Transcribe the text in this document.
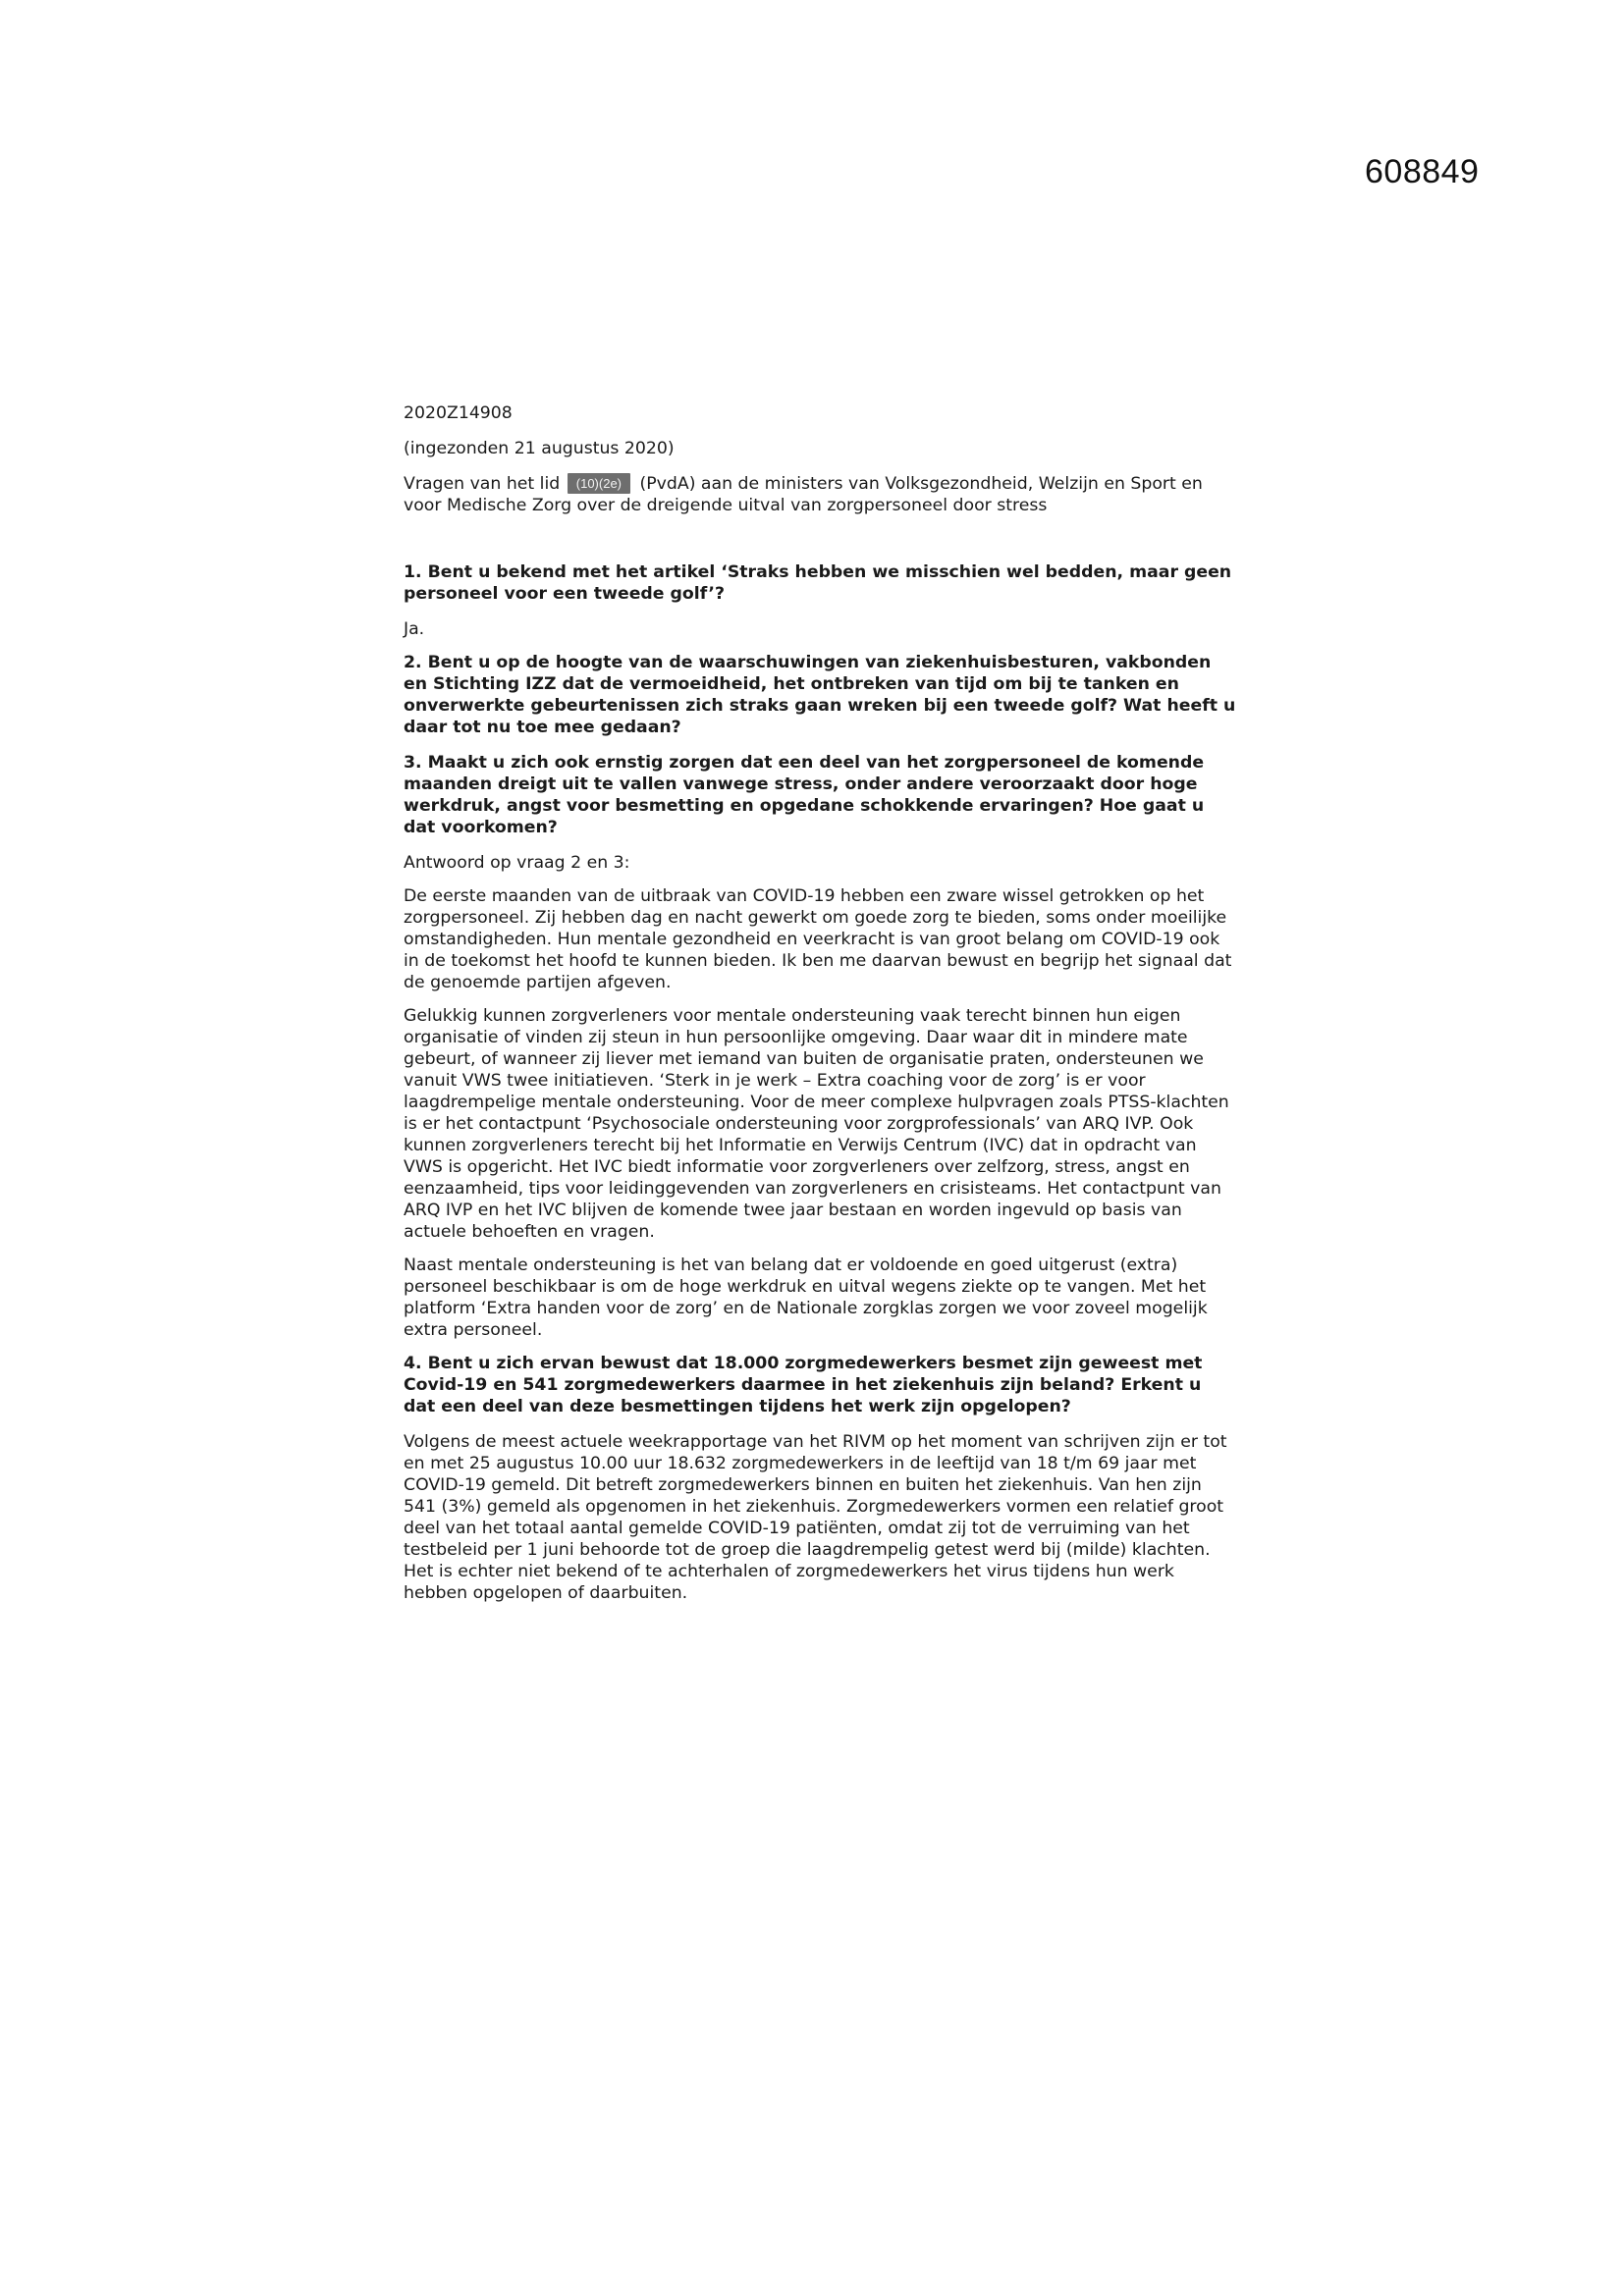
608849

2020Z14908

(ingezonden 21 augustus 2020)

Vragen van het lid (10)(2e) (PvdA) aan de ministers van Volksgezondheid, Welzijn en Sport en voor Medische Zorg over de dreigende uitval van zorgpersoneel door stress

1. Bent u bekend met het artikel ‘Straks hebben we misschien wel bedden, maar geen personeel voor een tweede golf’?

Ja.

2. Bent u op de hoogte van de waarschuwingen van ziekenhuisbesturen, vakbonden en Stichting IZZ dat de vermoeidheid, het ontbreken van tijd om bij te tanken en onverwerkte gebeurtenissen zich straks gaan wreken bij een tweede golf? Wat heeft u daar tot nu toe mee gedaan?

3. Maakt u zich ook ernstig zorgen dat een deel van het zorgpersoneel de komende maanden dreigt uit te vallen vanwege stress, onder andere veroorzaakt door hoge werkdruk, angst voor besmetting en opgedane schokkende ervaringen? Hoe gaat u dat voorkomen?

Antwoord op vraag 2 en 3:

De eerste maanden van de uitbraak van COVID-19 hebben een zware wissel getrokken op het zorgpersoneel. Zij hebben dag en nacht gewerkt om goede zorg te bieden, soms onder moeilijke omstandigheden. Hun mentale gezondheid en veerkracht is van groot belang om COVID-19 ook in de toekomst het hoofd te kunnen bieden. Ik ben me daarvan bewust en begrijp het signaal dat de genoemde partijen afgeven.

Gelukkig kunnen zorgverleners voor mentale ondersteuning vaak terecht binnen hun eigen organisatie of vinden zij steun in hun persoonlijke omgeving. Daar waar dit in mindere mate gebeurt, of wanneer zij liever met iemand van buiten de organisatie praten, ondersteunen we vanuit VWS twee initiatieven. ‘Sterk in je werk – Extra coaching voor de zorg’ is er voor laagdrempelige mentale ondersteuning. Voor de meer complexe hulpvragen zoals PTSS-klachten is er het contactpunt ‘Psychosociale ondersteuning voor zorgprofessionals’ van ARQ IVP. Ook kunnen zorgverleners terecht bij het Informatie en Verwijs Centrum (IVC) dat in opdracht van VWS is opgericht. Het IVC biedt informatie voor zorgverleners over zelfzorg, stress, angst en eenzaamheid, tips voor leidinggevenden van zorgverleners en crisisteams. Het contactpunt van ARQ IVP en het IVC blijven de komende twee jaar bestaan en worden ingevuld op basis van actuele behoeften en vragen.

Naast mentale ondersteuning is het van belang dat er voldoende en goed uitgerust (extra) personeel beschikbaar is om de hoge werkdruk en uitval wegens ziekte op te vangen. Met het platform ‘Extra handen voor de zorg’ en de Nationale zorgklas zorgen we voor zoveel mogelijk extra personeel.

4. Bent u zich ervan bewust dat 18.000 zorgmedewerkers besmet zijn geweest met Covid-19 en 541 zorgmedewerkers daarmee in het ziekenhuis zijn beland? Erkent u dat een deel van deze besmettingen tijdens het werk zijn opgelopen?

Volgens de meest actuele weekrapportage van het RIVM op het moment van schrijven zijn er tot en met 25 augustus 10.00 uur 18.632 zorgmedewerkers in de leeftijd van 18 t/m 69 jaar met COVID-19 gemeld. Dit betreft zorgmedewerkers binnen en buiten het ziekenhuis. Van hen zijn 541 (3%) gemeld als opgenomen in het ziekenhuis. Zorgmedewerkers vormen een relatief groot deel van het totaal aantal gemelde COVID-19 patiënten, omdat zij tot de verruiming van het testbeleid per 1 juni behoorde tot de groep die laagdrempelig getest werd bij (milde) klachten. Het is echter niet bekend of te achterhalen of zorgmedewerkers het virus tijdens hun werk hebben opgelopen of daarbuiten.
